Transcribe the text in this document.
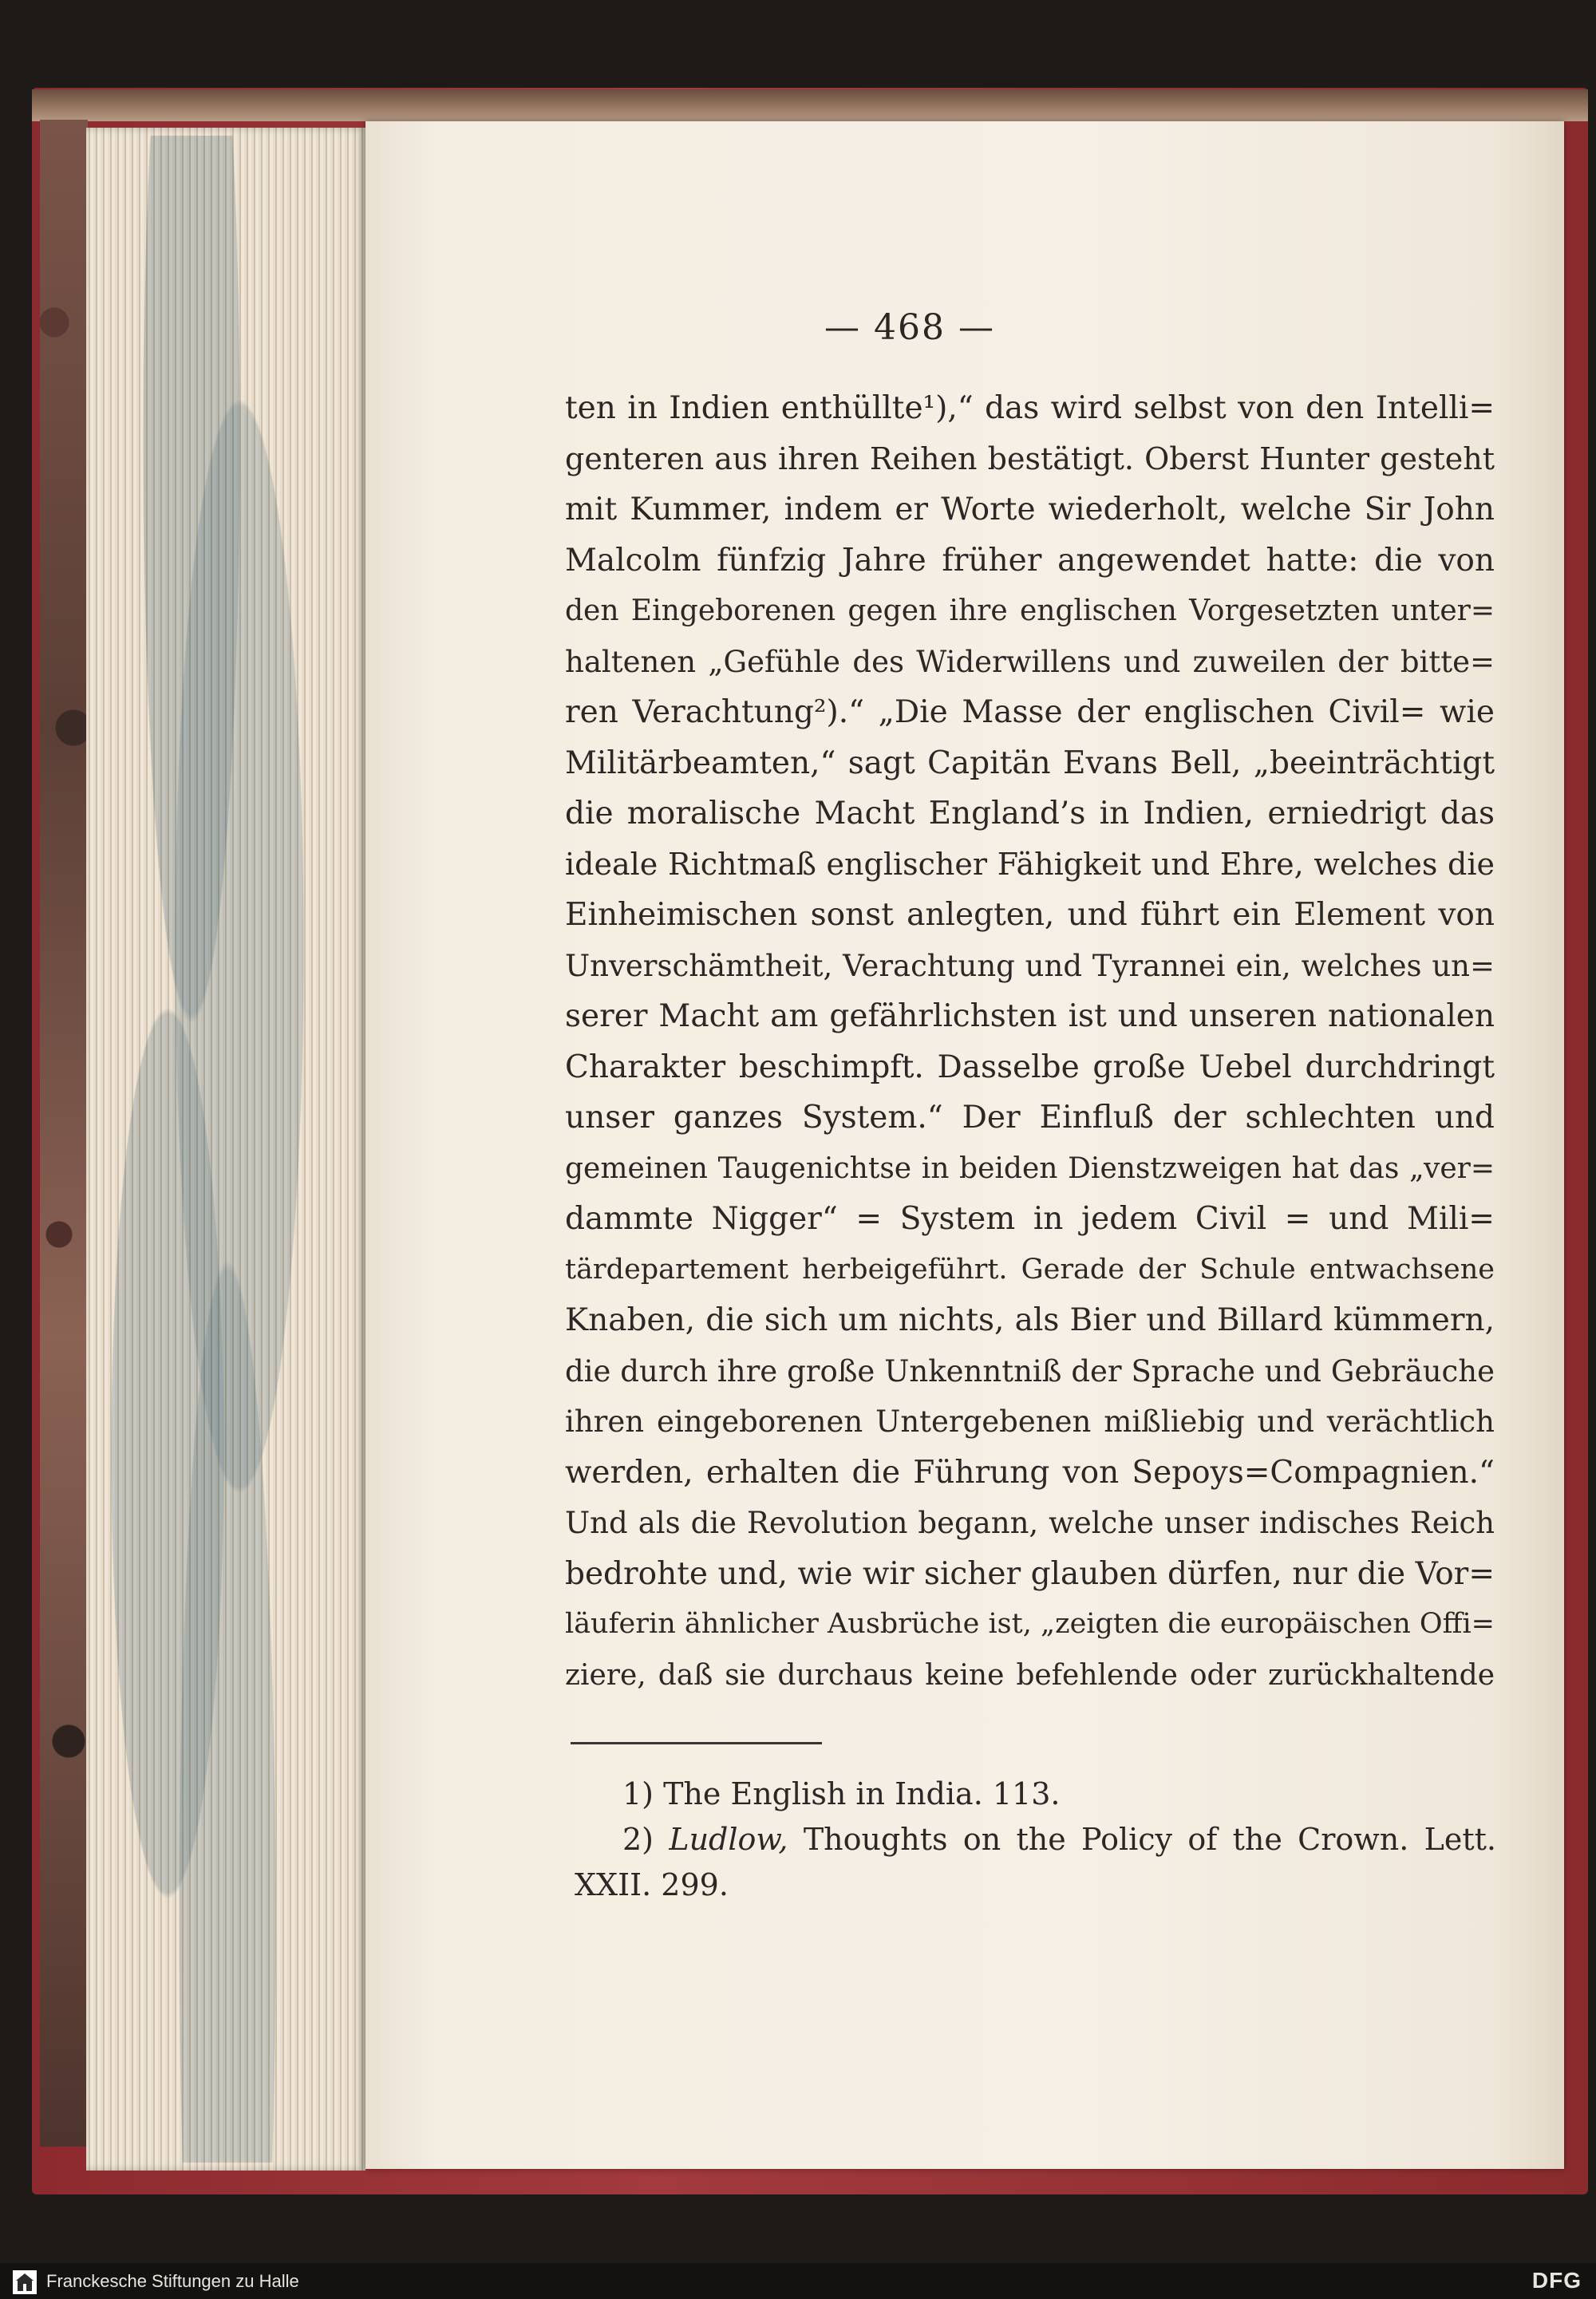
— 468 —
ten in Indien enthüllte¹),“ das wird selbst von den Intelli=
genteren aus ihren Reihen bestätigt. Oberst Hunter gesteht
mit Kummer, indem er Worte wiederholt, welche Sir John
Malcolm fünfzig Jahre früher angewendet hatte: die von
den Eingeborenen gegen ihre englischen Vorgesetzten unter=
haltenen „Gefühle des Widerwillens und zuweilen der bitte=
ren Verachtung²).“ „Die Masse der englischen Civil= wie
Militärbeamten,“ sagt Capitän Evans Bell, „beeinträchtigt
die moralische Macht England’s in Indien, erniedrigt das
ideale Richtmaß englischer Fähigkeit und Ehre, welches die
Einheimischen sonst anlegten, und führt ein Element von
Unverschämtheit, Verachtung und Tyrannei ein, welches un=
serer Macht am gefährlichsten ist und unseren nationalen
Charakter beschimpft. Dasselbe große Uebel durchdringt
unser ganzes System.“ Der Einfluß der schlechten und
gemeinen Taugenichtse in beiden Dienstzweigen hat das „ver=
dammte Nigger“ = System in jedem Civil = und Mili=
tärdepartement herbeigeführt. Gerade der Schule entwachsene
Knaben, die sich um nichts, als Bier und Billard kümmern,
die durch ihre große Unkenntniß der Sprache und Gebräuche
ihren eingeborenen Untergebenen mißliebig und verächtlich
werden, erhalten die Führung von Sepoys=Compagnien.“
Und als die Revolution begann, welche unser indisches Reich
bedrohte und, wie wir sicher glauben dürfen, nur die Vor=
läuferin ähnlicher Ausbrüche ist, „zeigten die europäischen Offi=
ziere, daß sie durchaus keine befehlende oder zurückhaltende
1) The English in India. 113.
2) Ludlow, Thoughts on the Policy of the Crown. Lett.
XXII. 299.
Franckesche Stiftungen zu Halle	DFG
